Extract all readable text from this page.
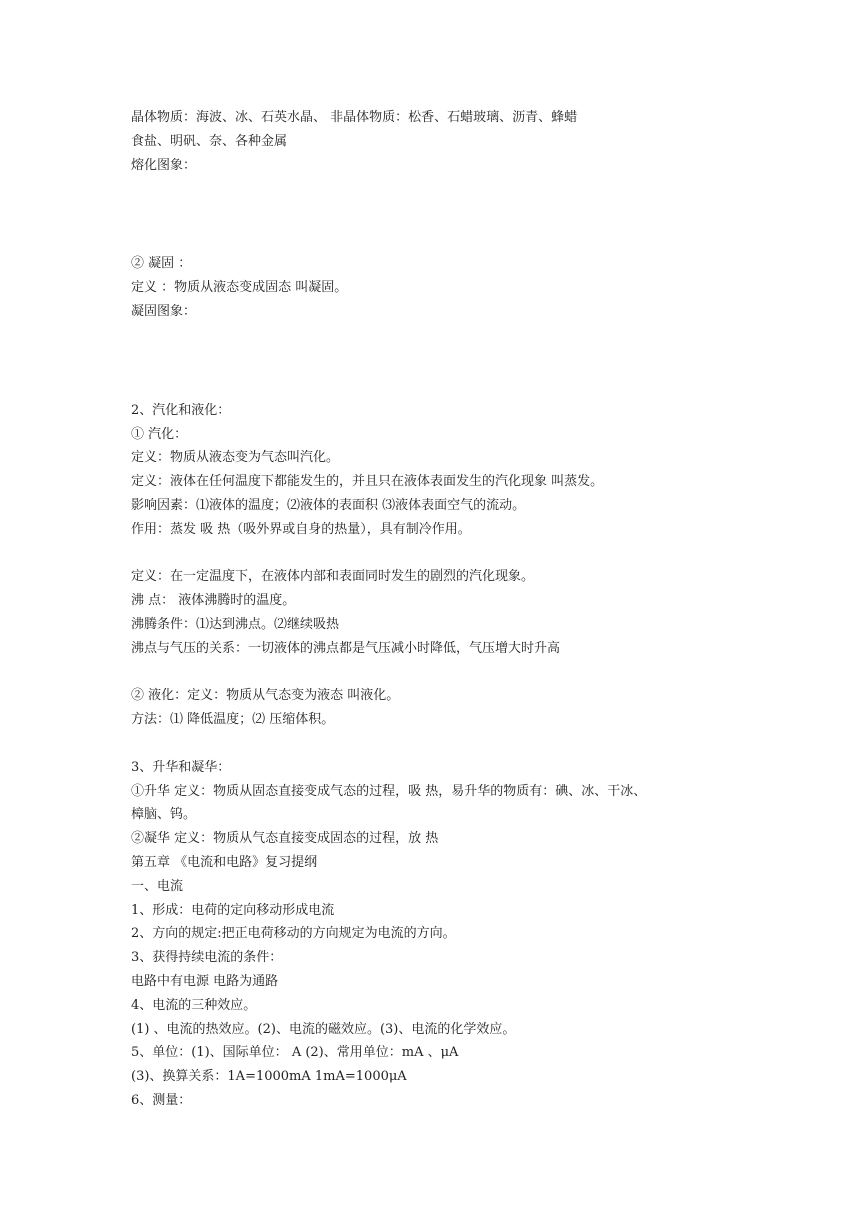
晶体物质：海波、冰、石英水晶、 非晶体物质：松香、石蜡玻璃、沥青、蜂蜡
食盐、明矾、奈、各种金属
熔化图象：
② 凝固 ：
定义 ：物质从液态变成固态 叫凝固。
凝固图象：
2、汽化和液化：
① 汽化：
定义：物质从液态变为气态叫汽化。
定义：液体在任何温度下都能发生的，并且只在液体表面发生的汽化现象 叫蒸发。
影响因素：⑴液体的温度；⑵液体的表面积 ⑶液体表面空气的流动。
作用：蒸发 吸 热（吸外界或自身的热量），具有制冷作用。
定义：在一定温度下，在液体内部和表面同时发生的剧烈的汽化现象。
沸 点： 液体沸腾时的温度。
沸腾条件：⑴达到沸点。⑵继续吸热
沸点与气压的关系：一切液体的沸点都是气压减小时降低，气压增大时升高
② 液化：定义：物质从气态变为液态 叫液化。
方法：⑴ 降低温度；⑵ 压缩体积。
3、升华和凝华：
①升华 定义：物质从固态直接变成气态的过程，吸 热，易升华的物质有：碘、冰、干冰、
樟脑、钨。
②凝华 定义：物质从气态直接变成固态的过程，放 热
第五章 《电流和电路》复习提纲
一、电流
1、形成：电荷的定向移动形成电流
2、方向的规定:把正电荷移动的方向规定为电流的方向。
3、获得持续电流的条件：
电路中有电源 电路为通路
4、电流的三种效应。
(1) 、电流的热效应。(2)、电流的磁效应。(3)、电流的化学效应。
5、单位：(1)、国际单位： A (2)、常用单位：mA 、μA
(3)、换算关系：1A=1000mA 1mA=1000μA
6、测量：
